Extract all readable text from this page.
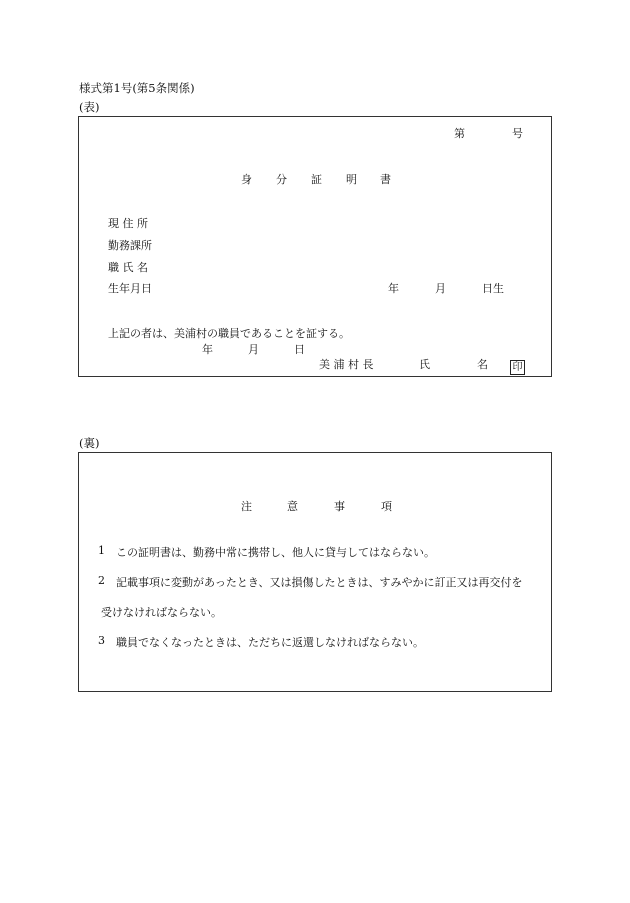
様式第1号(第5条関係)
(表)
第	号
身 分 証 明 書
現 住 所
勤務課所
職 氏 名
生年月日	年	月	日生
上記の者は、美浦村の職員であることを証する。
年	月	日
美 浦 村 長	氏	名 印
(裏)
注	意	事	項
1 この証明書は、勤務中常に携帯し、他人に貸与してはならない。
2 記載事項に変動があったとき、又は損傷したときは、すみやかに訂正又は再交付を
受けなければならない。
3 職員でなくなったときは、ただちに返還しなければならない。
